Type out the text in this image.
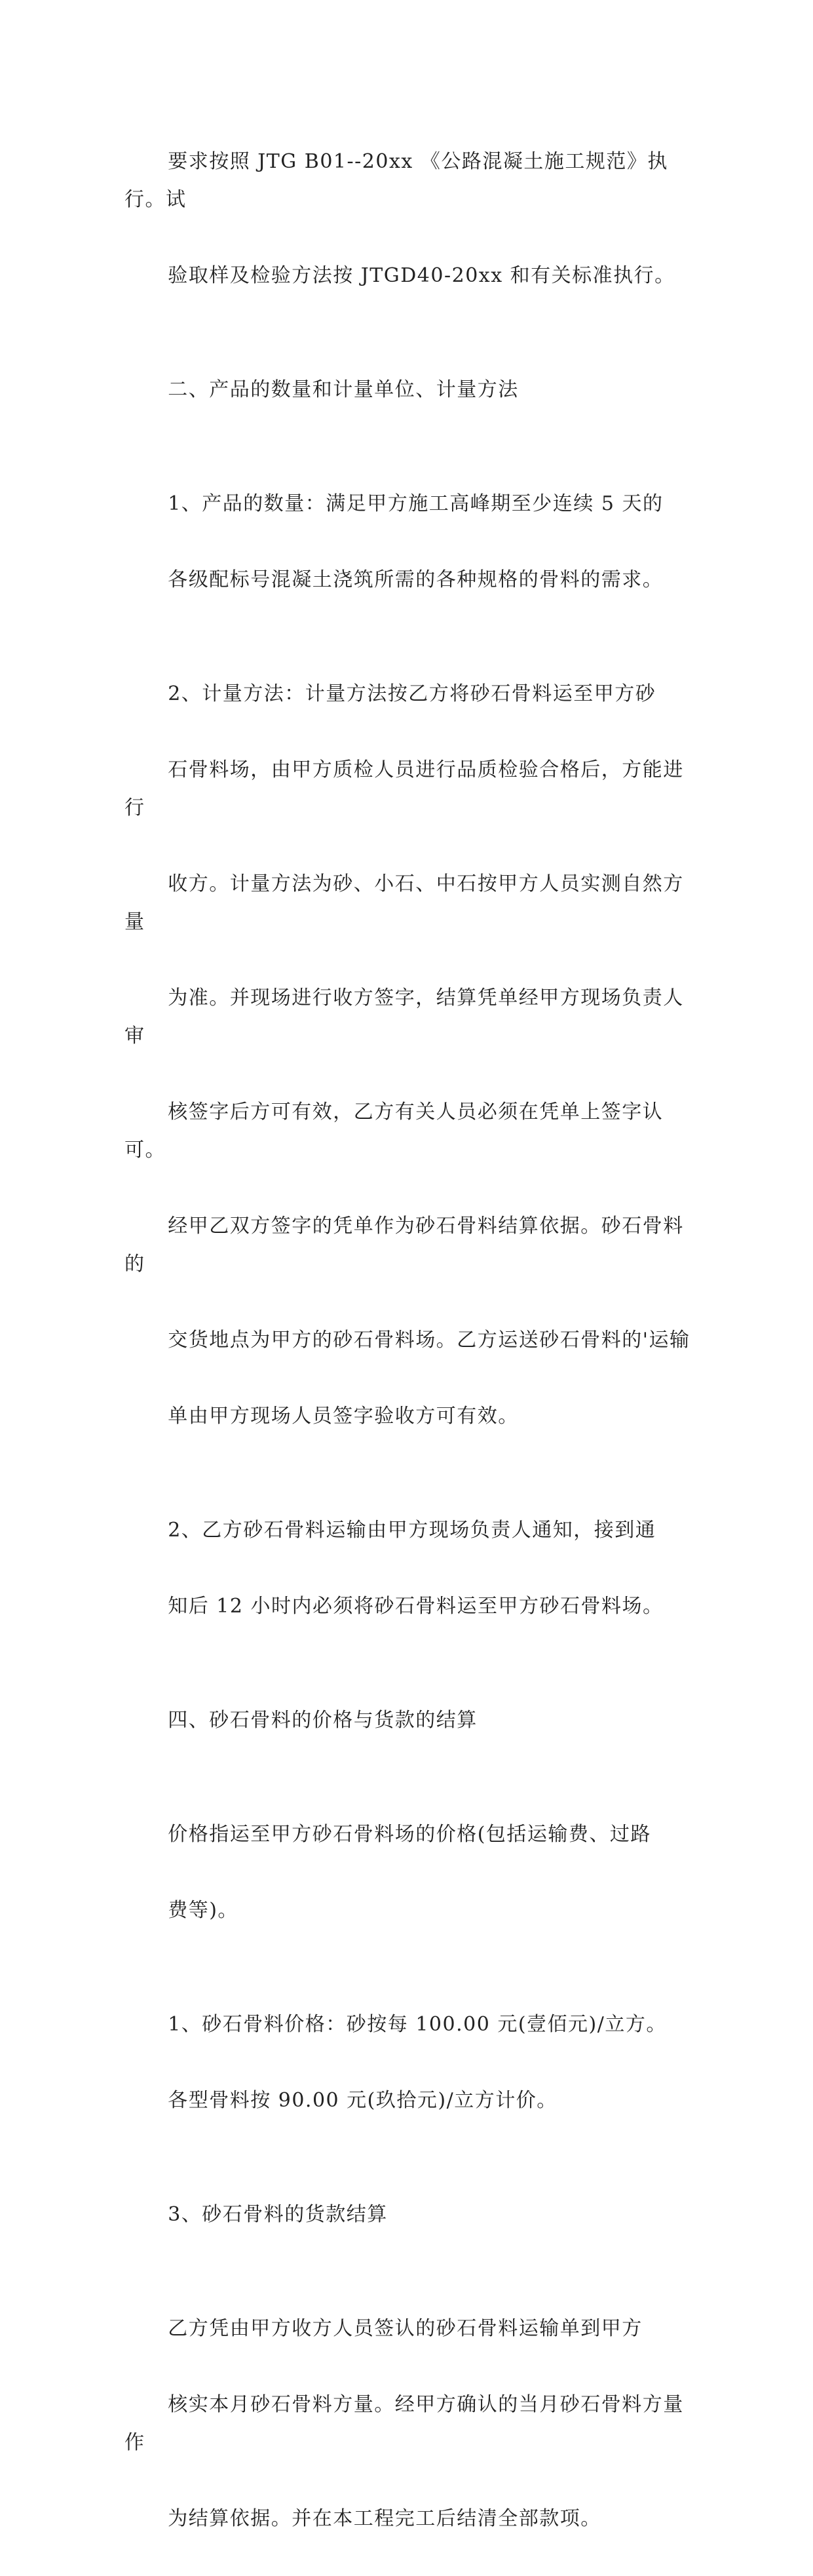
要求按照 JTG B01--20xx 《公路混凝土施工规范》执行。试

验取样及检验方法按 JTGD40-20xx 和有关标准执行。

二、产品的数量和计量单位、计量方法

1、产品的数量：满足甲方施工高峰期至少连续 5 天的

各级配标号混凝土浇筑所需的各种规格的骨料的需求。

2、计量方法：计量方法按乙方将砂石骨料运至甲方砂

石骨料场，由甲方质检人员进行品质检验合格后，方能进行

收方。计量方法为砂、小石、中石按甲方人员实测自然方量

为准。并现场进行收方签字，结算凭单经甲方现场负责人审

核签字后方可有效，乙方有关人员必须在凭单上签字认可。

经甲乙双方签字的凭单作为砂石骨料结算依据。砂石骨料的

交货地点为甲方的砂石骨料场。乙方运送砂石骨料的'运输

单由甲方现场人员签字验收方可有效。

2、乙方砂石骨料运输由甲方现场负责人通知，接到通

知后 12 小时内必须将砂石骨料运至甲方砂石骨料场。

四、砂石骨料的价格与货款的结算

价格指运至甲方砂石骨料场的价格(包括运输费、过路

费等)。

1、砂石骨料价格：砂按每 100.00 元(壹佰元)/立方。

各型骨料按 90.00 元(玖拾元)/立方计价。

3、砂石骨料的货款结算

乙方凭由甲方收方人员签认的砂石骨料运输单到甲方

核实本月砂石骨料方量。经甲方确认的当月砂石骨料方量作

为结算依据。并在本工程完工后结清全部款项。
